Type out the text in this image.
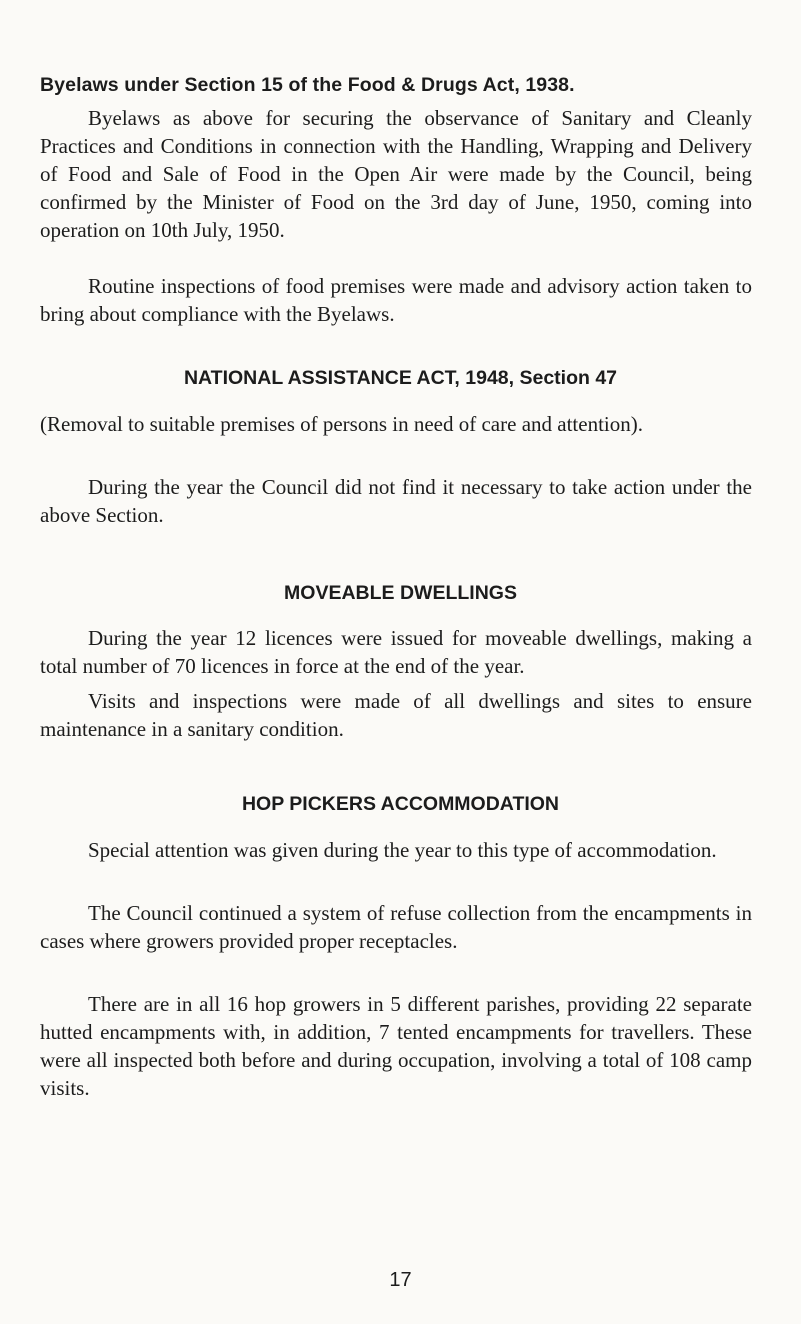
Byelaws under Section 15 of the Food & Drugs Act, 1938.

Byelaws as above for securing the observance of Sanitary and Cleanly Practices and Conditions in connection with the Handling, Wrapping and Delivery of Food and Sale of Food in the Open Air were made by the Council, being confirmed by the Minister of Food on the 3rd day of June, 1950, coming into operation on 10th July, 1950.

Routine inspections of food premises were made and advisory action taken to bring about compliance with the Byelaws.

NATIONAL ASSISTANCE ACT, 1948, Section 47

(Removal to suitable premises of persons in need of care and attention).

During the year the Council did not find it necessary to take action under the above Section.

MOVEABLE DWELLINGS

During the year 12 licences were issued for moveable dwellings, making a total number of 70 licences in force at the end of the year.

Visits and inspections were made of all dwellings and sites to ensure maintenance in a sanitary condition.

HOP PICKERS ACCOMMODATION

Special attention was given during the year to this type of accommodation.

The Council continued a system of refuse collection from the encampments in cases where growers provided proper receptacles.

There are in all 16 hop growers in 5 different parishes, providing 22 separate hutted encampments with, in addition, 7 tented encampments for travellers. These were all inspected both before and during occupation, involving a total of 108 camp visits.

17
